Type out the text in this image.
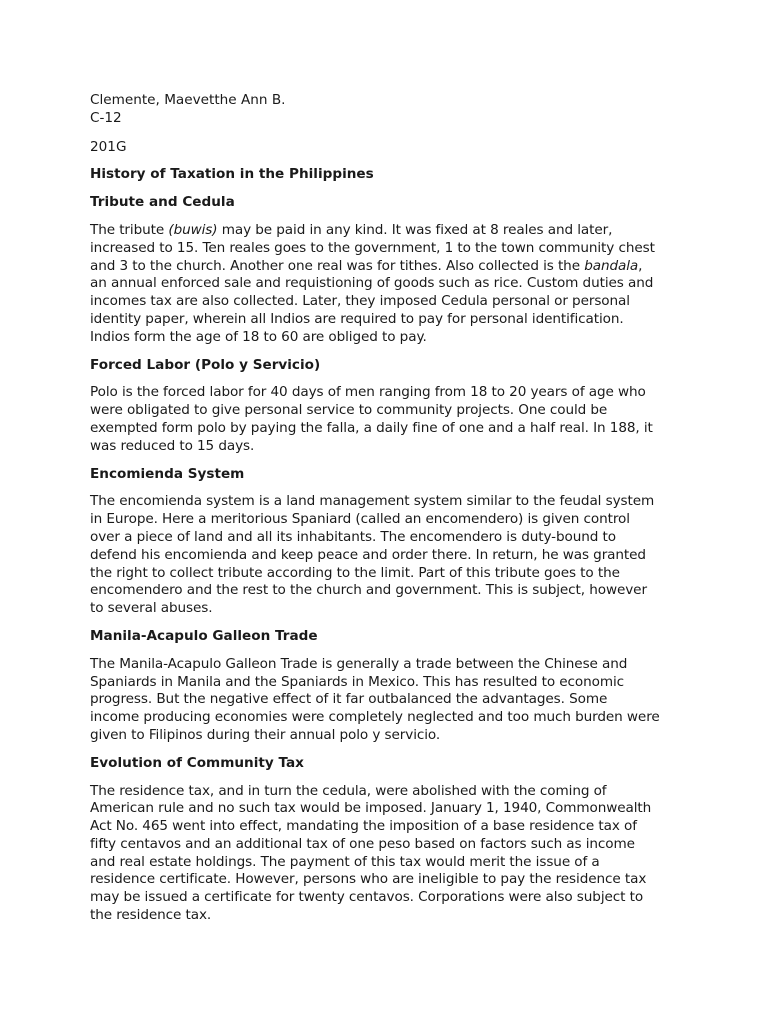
Clemente, Maevetthe Ann B.

C-12

201G

History of Taxation in the Philippines

Tribute and Cedula

The tribute (buwis) may be paid in any kind. It was fixed at 8 reales and later,
increased to 15. Ten reales goes to the government, 1 to the town community chest
and 3 to the church. Another one real was for tithes. Also collected is the bandala,
an annual enforced sale and requistioning of goods such as rice. Custom duties and
incomes tax are also collected. Later, they imposed Cedula personal or personal
identity paper, wherein all Indios are required to pay for personal identification.
Indios form the age of 18 to 60 are obliged to pay.

Forced Labor (Polo y Servicio)

Polo is the forced labor for 40 days of men ranging from 18 to 20 years of age who
were obligated to give personal service to community projects. One could be
exempted form polo by paying the falla, a daily fine of one and a half real. In 188, it
was reduced to 15 days.

Encomienda System

The encomienda system is a land management system similar to the feudal system
in Europe. Here a meritorious Spaniard (called an encomendero) is given control
over a piece of land and all its inhabitants. The encomendero is duty-bound to
defend his encomienda and keep peace and order there. In return, he was granted
the right to collect tribute according to the limit. Part of this tribute goes to the
encomendero and the rest to the church and government. This is subject, however
to several abuses.

Manila-Acapulo Galleon Trade

The Manila-Acapulo Galleon Trade is generally a trade between the Chinese and
Spaniards in Manila and the Spaniards in Mexico. This has resulted to economic
progress. But the negative effect of it far outbalanced the advantages. Some
income producing economies were completely neglected and too much burden were
given to Filipinos during their annual polo y servicio.

Evolution of Community Tax

The residence tax, and in turn the cedula, were abolished with the coming of
American rule and no such tax would be imposed. January 1, 1940, Commonwealth
Act No. 465 went into effect, mandating the imposition of a base residence tax of
fifty centavos and an additional tax of one peso based on factors such as income
and real estate holdings. The payment of this tax would merit the issue of a
residence certificate. However, persons who are ineligible to pay the residence tax
may be issued a certificate for twenty centavos. Corporations were also subject to
the residence tax.
